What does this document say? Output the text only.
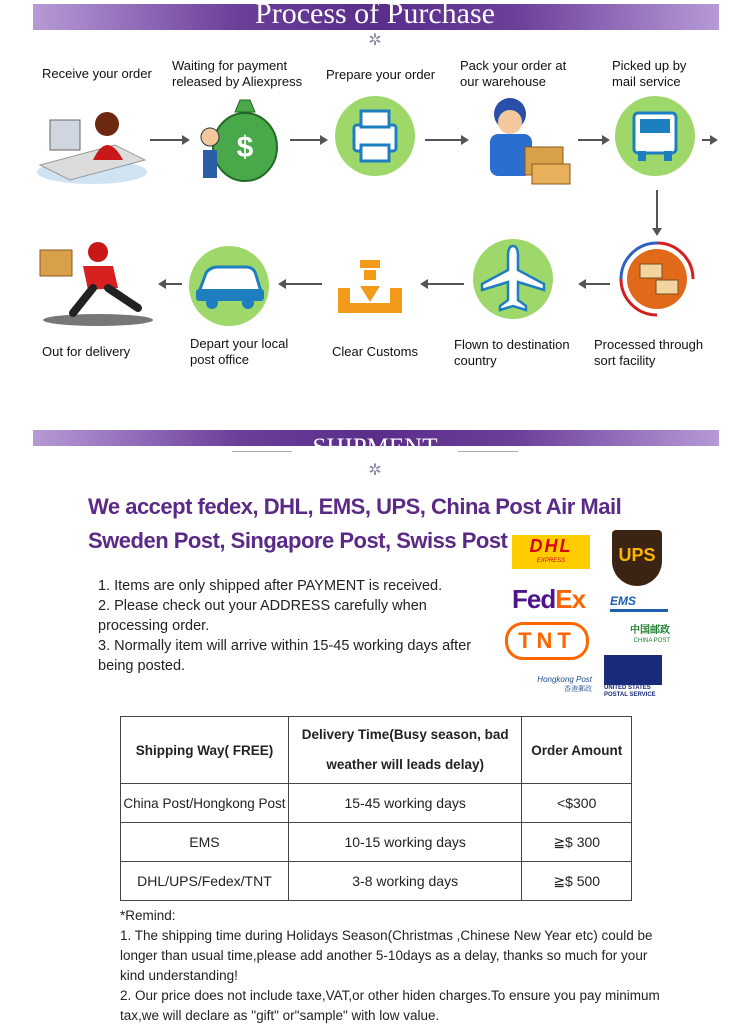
Process of Purchase
✲
Receive your order
Waiting for payment released by Aliexpress	Prepare your order
Pack your order at our warehouse
Picked up by mail service
$
Processed through sort facility
Flown to destination country
Clear Customs
Depart your local post office
Out for delivery
SHIPMENT
✲
We accept fedex, DHL, EMS, UPS, China Post Air Mail
Sweden Post, Singapore Post, Swiss Post
1. Items are only shipped after PAYMENT is received.
2. Please check out your ADDRESS carefully when processing order.
3. Normally item will arrive within 15-45 working days after being posted.
DHL
EXPRESS	UPS
FedEx EMS
TNT	中国邮政
CHINA POST
Hongkong Post
香港郵政 UNITED STATES POSTAL SERVICE
Shipping Way( FREE)	Delivery Time(Busy season, bad weather will leads delay)	Order Amount
China Post/Hongkong Post	15-45 working days	<$300
EMS	10-15 working days	≧$ 300
DHL/UPS/Fedex/TNT	3-8 working days	≧$ 500
*Remind:
1. The shipping time during Holidays Season(Christmas ,Chinese New Year etc) could be longer than usual time,please add another 5-10days as a delay, thanks so much for your kind understanding!
2. Our price does not include taxe,VAT,or other hiden charges.To ensure you pay minimum tax,we will declare as "gift" or"sample" with low value.
